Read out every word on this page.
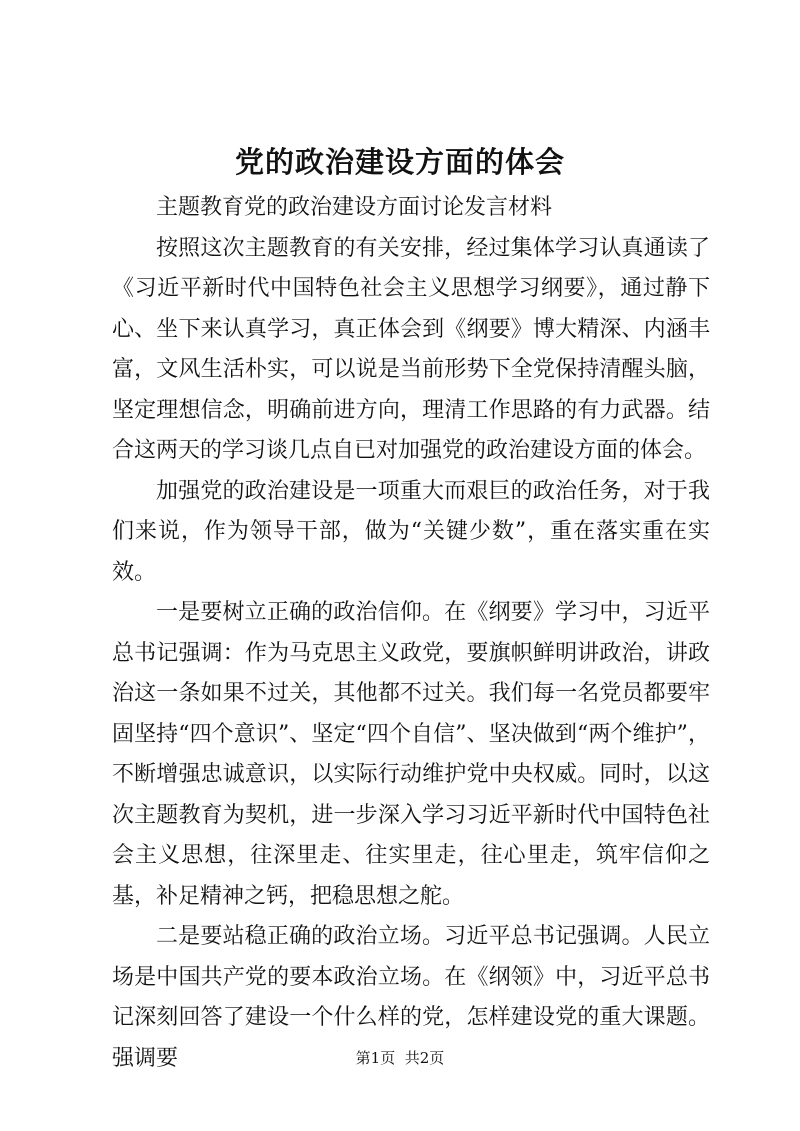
党的政治建设方面的体会

主题教育党的政治建设方面讨论发言材料

按照这次主题教育的有关安排，经过集体学习认真通读了《习近平新时代中国特色社会主义思想学习纲要》，通过静下心、坐下来认真学习，真正体会到《纲要》博大精深、内涵丰富，文风生活朴实，可以说是当前形势下全党保持清醒头脑，坚定理想信念，明确前进方向，理清工作思路的有力武器。结合这两天的学习谈几点自已对加强党的政治建设方面的体会。

加强党的政治建设是一项重大而艰巨的政治任务，对于我们来说，作为领导干部，做为“关键少数”，重在落实重在实效。

一是要树立正确的政治信仰。在《纲要》学习中，习近平总书记强调：作为马克思主义政党，要旗帜鲜明讲政治，讲政治这一条如果不过关，其他都不过关。我们每一名党员都要牢固坚持“四个意识”、坚定“四个自信”、坚决做到“两个维护”，不断增强忠诚意识，以实际行动维护党中央权威。同时，以这次主题教育为契机，进一步深入学习习近平新时代中国特色社会主义思想，往深里走、往实里走，往心里走，筑牢信仰之基，补足精神之钙，把稳思想之舵。

二是要站稳正确的政治立场。习近平总书记强调。人民立场是中国共产党的要本政治立场。在《纲领》中，习近平总书记深刻回答了建设一个什么样的党，怎样建设党的重大课题。强调要	第1页 共2页
